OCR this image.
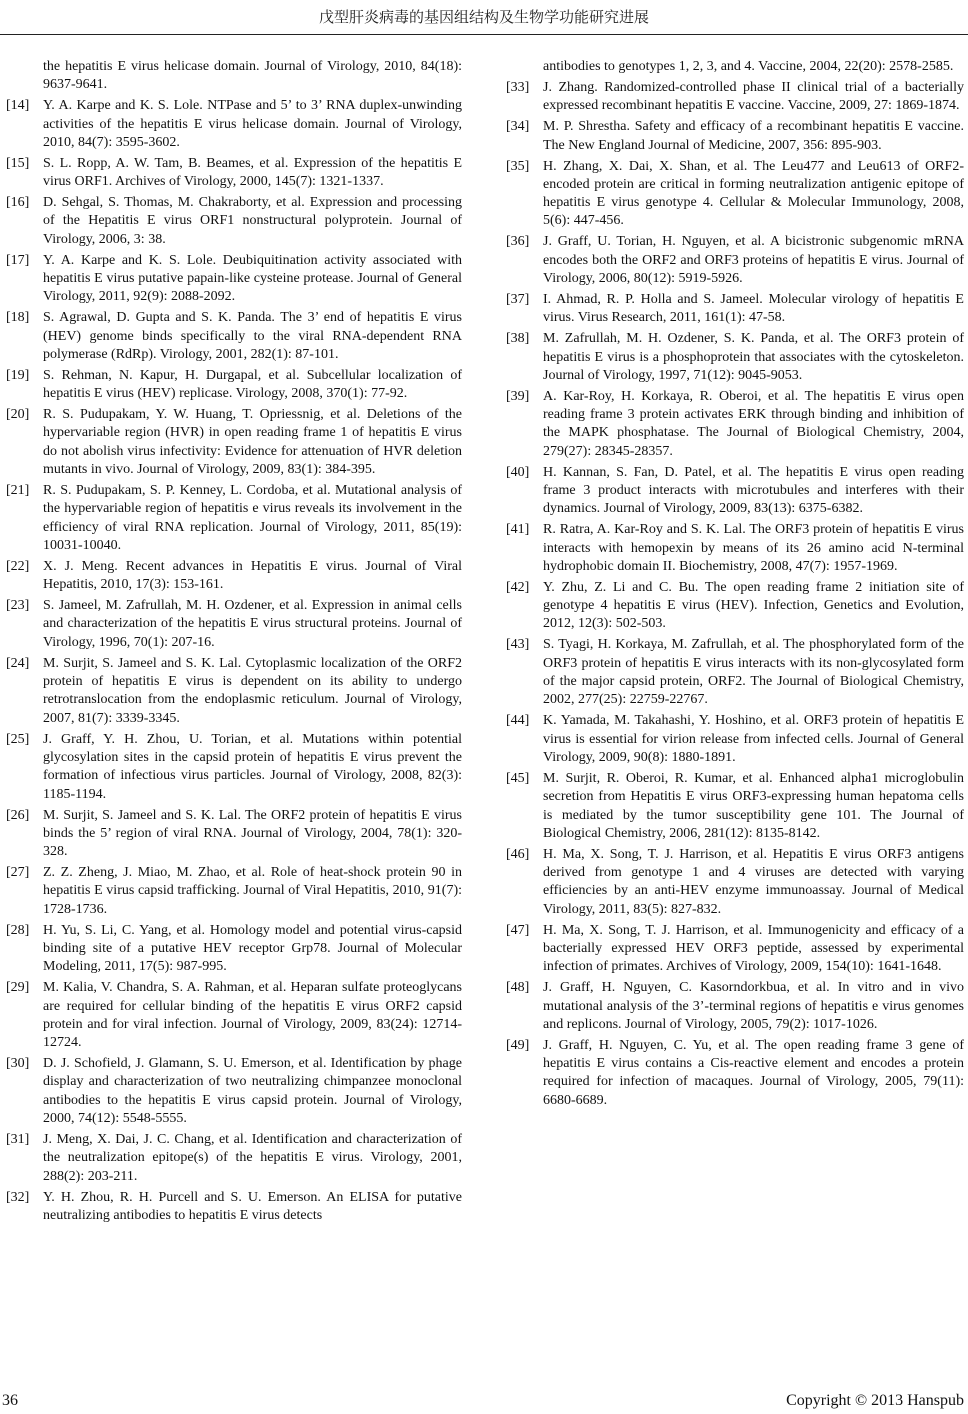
戊型肝炎病毒的基因组结构及生物学功能研究进展
the hepatitis E virus helicase domain. Journal of Virology, 2010, 84(18): 9637-9641.
[14] Y. A. Karpe and K. S. Lole. NTPase and 5’ to 3’ RNA duplex-unwinding activities of the hepatitis E virus helicase domain. Journal of Virology, 2010, 84(7): 3595-3602.
[15] S. L. Ropp, A. W. Tam, B. Beames, et al. Expression of the hepatitis E virus ORF1. Archives of Virology, 2000, 145(7): 1321-1337.
[16] D. Sehgal, S. Thomas, M. Chakraborty, et al. Expression and processing of the Hepatitis E virus ORF1 nonstructural polyprotein. Journal of Virology, 2006, 3: 38.
[17] Y. A. Karpe and K. S. Lole. Deubiquitination activity associated with hepatitis E virus putative papain-like cysteine protease. Journal of General Virology, 2011, 92(9): 2088-2092.
[18] S. Agrawal, D. Gupta and S. K. Panda. The 3’ end of hepatitis E virus (HEV) genome binds specifically to the viral RNA-dependent RNA polymerase (RdRp). Virology, 2001, 282(1): 87-101.
[19] S. Rehman, N. Kapur, H. Durgapal, et al. Subcellular localization of hepatitis E virus (HEV) replicase. Virology, 2008, 370(1): 77-92.
[20] R. S. Pudupakam, Y. W. Huang, T. Opriessnig, et al. Deletions of the hypervariable region (HVR) in open reading frame 1 of hepatitis E virus do not abolish virus infectivity: Evidence for attenuation of HVR deletion mutants in vivo. Journal of Virology, 2009, 83(1): 384-395.
[21] R. S. Pudupakam, S. P. Kenney, L. Cordoba, et al. Mutational analysis of the hypervariable region of hepatitis e virus reveals its involvement in the efficiency of viral RNA replication. Journal of Virology, 2011, 85(19): 10031-10040.
[22] X. J. Meng. Recent advances in Hepatitis E virus. Journal of Viral Hepatitis, 2010, 17(3): 153-161.
[23] S. Jameel, M. Zafrullah, M. H. Ozdener, et al. Expression in animal cells and characterization of the hepatitis E virus structural proteins. Journal of Virology, 1996, 70(1): 207-16.
[24] M. Surjit, S. Jameel and S. K. Lal. Cytoplasmic localization of the ORF2 protein of hepatitis E virus is dependent on its ability to undergo retrotranslocation from the endoplasmic reticulum. Journal of Virology, 2007, 81(7): 3339-3345.
[25] J. Graff, Y. H. Zhou, U. Torian, et al. Mutations within potential glycosylation sites in the capsid protein of hepatitis E virus prevent the formation of infectious virus particles. Journal of Virology, 2008, 82(3): 1185-1194.
[26] M. Surjit, S. Jameel and S. K. Lal. The ORF2 protein of hepatitis E virus binds the 5’ region of viral RNA. Journal of Virology, 2004, 78(1): 320-328.
[27] Z. Z. Zheng, J. Miao, M. Zhao, et al. Role of heat-shock protein 90 in hepatitis E virus capsid trafficking. Journal of Viral Hepatitis, 2010, 91(7): 1728-1736.
[28] H. Yu, S. Li, C. Yang, et al. Homology model and potential virus-capsid binding site of a putative HEV receptor Grp78. Journal of Molecular Modeling, 2011, 17(5): 987-995.
[29] M. Kalia, V. Chandra, S. A. Rahman, et al. Heparan sulfate proteoglycans are required for cellular binding of the hepatitis E virus ORF2 capsid protein and for viral infection. Journal of Virology, 2009, 83(24): 12714-12724.
[30] D. J. Schofield, J. Glamann, S. U. Emerson, et al. Identification by phage display and characterization of two neutralizing chimpanzee monoclonal antibodies to the hepatitis E virus capsid protein. Journal of Virology, 2000, 74(12): 5548-5555.
[31] J. Meng, X. Dai, J. C. Chang, et al. Identification and characterization of the neutralization epitope(s) of the hepatitis E virus. Virology, 2001, 288(2): 203-211.
[32] Y. H. Zhou, R. H. Purcell and S. U. Emerson. An ELISA for putative neutralizing antibodies to hepatitis E virus detects
antibodies to genotypes 1, 2, 3, and 4. Vaccine, 2004, 22(20): 2578-2585.
[33] J. Zhang. Randomized-controlled phase II clinical trial of a bacterially expressed recombinant hepatitis E vaccine. Vaccine, 2009, 27: 1869-1874.
[34] M. P. Shrestha. Safety and efficacy of a recombinant hepatitis E vaccine. The New England Journal of Medicine, 2007, 356: 895-903.
[35] H. Zhang, X. Dai, X. Shan, et al. The Leu477 and Leu613 of ORF2-encoded protein are critical in forming neutralization antigenic epitope of hepatitis E virus genotype 4. Cellular & Molecular Immunology, 2008, 5(6): 447-456.
[36] J. Graff, U. Torian, H. Nguyen, et al. A bicistronic subgenomic mRNA encodes both the ORF2 and ORF3 proteins of hepatitis E virus. Journal of Virology, 2006, 80(12): 5919-5926.
[37] I. Ahmad, R. P. Holla and S. Jameel. Molecular virology of hepatitis E virus. Virus Research, 2011, 161(1): 47-58.
[38] M. Zafrullah, M. H. Ozdener, S. K. Panda, et al. The ORF3 protein of hepatitis E virus is a phosphoprotein that associates with the cytoskeleton. Journal of Virology, 1997, 71(12): 9045-9053.
[39] A. Kar-Roy, H. Korkaya, R. Oberoi, et al. The hepatitis E virus open reading frame 3 protein activates ERK through binding and inhibition of the MAPK phosphatase. The Journal of Biological Chemistry, 2004, 279(27): 28345-28357.
[40] H. Kannan, S. Fan, D. Patel, et al. The hepatitis E virus open reading frame 3 product interacts with microtubules and interferes with their dynamics. Journal of Virology, 2009, 83(13): 6375-6382.
[41] R. Ratra, A. Kar-Roy and S. K. Lal. The ORF3 protein of hepatitis E virus interacts with hemopexin by means of its 26 amino acid N-terminal hydrophobic domain II. Biochemistry, 2008, 47(7): 1957-1969.
[42] Y. Zhu, Z. Li and C. Bu. The open reading frame 2 initiation site of genotype 4 hepatitis E virus (HEV). Infection, Genetics and Evolution, 2012, 12(3): 502-503.
[43] S. Tyagi, H. Korkaya, M. Zafrullah, et al. The phosphorylated form of the ORF3 protein of hepatitis E virus interacts with its non-glycosylated form of the major capsid protein, ORF2. The Journal of Biological Chemistry, 2002, 277(25): 22759-22767.
[44] K. Yamada, M. Takahashi, Y. Hoshino, et al. ORF3 protein of hepatitis E virus is essential for virion release from infected cells. Journal of General Virology, 2009, 90(8): 1880-1891.
[45] M. Surjit, R. Oberoi, R. Kumar, et al. Enhanced alpha1 microglobulin secretion from Hepatitis E virus ORF3-expressing human hepatoma cells is mediated by the tumor susceptibility gene 101. The Journal of Biological Chemistry, 2006, 281(12): 8135-8142.
[46] H. Ma, X. Song, T. J. Harrison, et al. Hepatitis E virus ORF3 antigens derived from genotype 1 and 4 viruses are detected with varying efficiencies by an anti-HEV enzyme immunoassay. Journal of Medical Virology, 2011, 83(5): 827-832.
[47] H. Ma, X. Song, T. J. Harrison, et al. Immunogenicity and efficacy of a bacterially expressed HEV ORF3 peptide, assessed by experimental infection of primates. Archives of Virology, 2009, 154(10): 1641-1648.
[48] J. Graff, H. Nguyen, C. Kasorndorkbua, et al. In vitro and in vivo mutational analysis of the 3’-terminal regions of hepatitis e virus genomes and replicons. Journal of Virology, 2005, 79(2): 1017-1026.
[49] J. Graff, H. Nguyen, C. Yu, et al. The open reading frame 3 gene of hepatitis E virus contains a Cis-reactive element and encodes a protein required for infection of macaques. Journal of Virology, 2005, 79(11): 6680-6689.
36	Copyright © 2013 Hanspub
